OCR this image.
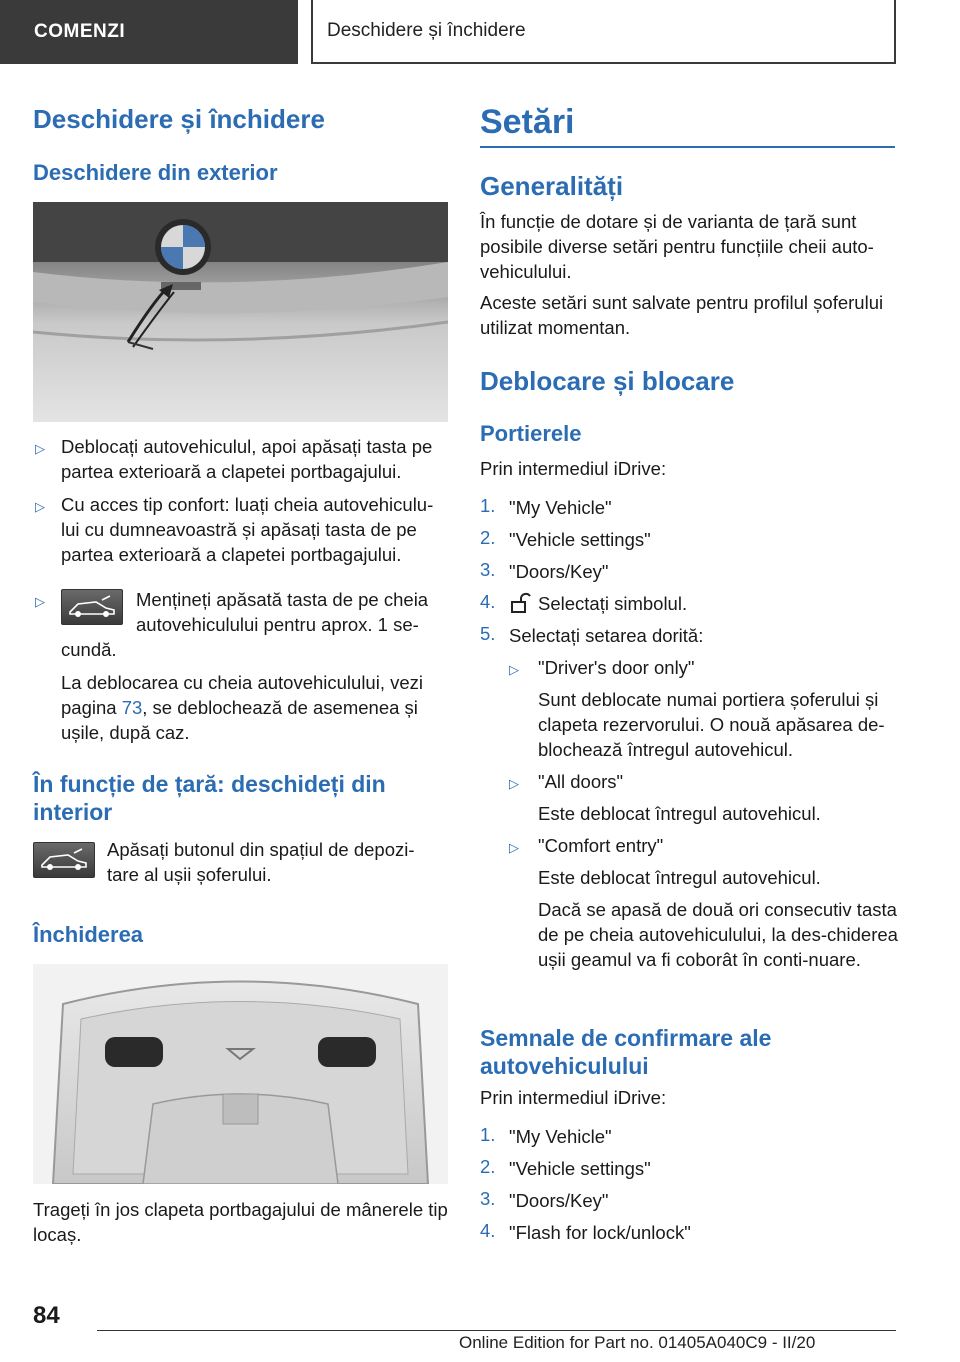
COMENZI	Deschidere și închidere
Deschidere și închidere
Deschidere din exterior
▷ Deblocați autovehiculul, apoi apăsați tasta pe partea exterioară a clapetei portbagajului.
▷ Cu acces tip confort: luați cheia autovehiculu-lui cu dumneavoastră și apăsați tasta de pe partea exterioară a clapetei portbagajului.
▷	Mențineți apăsată tasta de pe cheia
autovehiculului pentru aprox. 1 se-
cundă.
La deblocarea cu cheia autovehiculului, vezi pagina 73, se deblochează de asemenea și ușile, după caz.
În funcție de țară: deschideți din interior
Apăsați butonul din spațiul de depozi-tare al ușii șoferului.
Închiderea
Trageți în jos clapeta portbagajului de mânerele tip locaș.
Setări
Generalități
În funcție de dotare și de varianta de țară sunt posibile diverse setări pentru funcțiile cheii auto-vehiculului.
Aceste setări sunt salvate pentru profilul șoferului utilizat momentan.
Deblocare și blocare
Portierele
Prin intermediul iDrive:
1. "My Vehicle"
2. "Vehicle settings"
3. "Doors/Key"
4. Selectați simbolul.
5. Selectați setarea dorită:
▷ "Driver's door only"
Sunt deblocate numai portiera șoferului și clapeta rezervorului. O nouă apăsarea de-blochează întregul autovehicul.
▷ "All doors"
Este deblocat întregul autovehicul.
▷ "Comfort entry"
Este deblocat întregul autovehicul.
Dacă se apasă de două ori consecutiv tasta de pe cheia autovehiculului, la des-chiderea ușii geamul va fi coborât în conti-nuare.
Semnale de confirmare ale autovehiculului
Prin intermediul iDrive:
1. "My Vehicle"
2. "Vehicle settings"
3. "Doors/Key"
4. "Flash for lock/unlock"
84
Online Edition for Part no. 01405A040C9 - II/20
